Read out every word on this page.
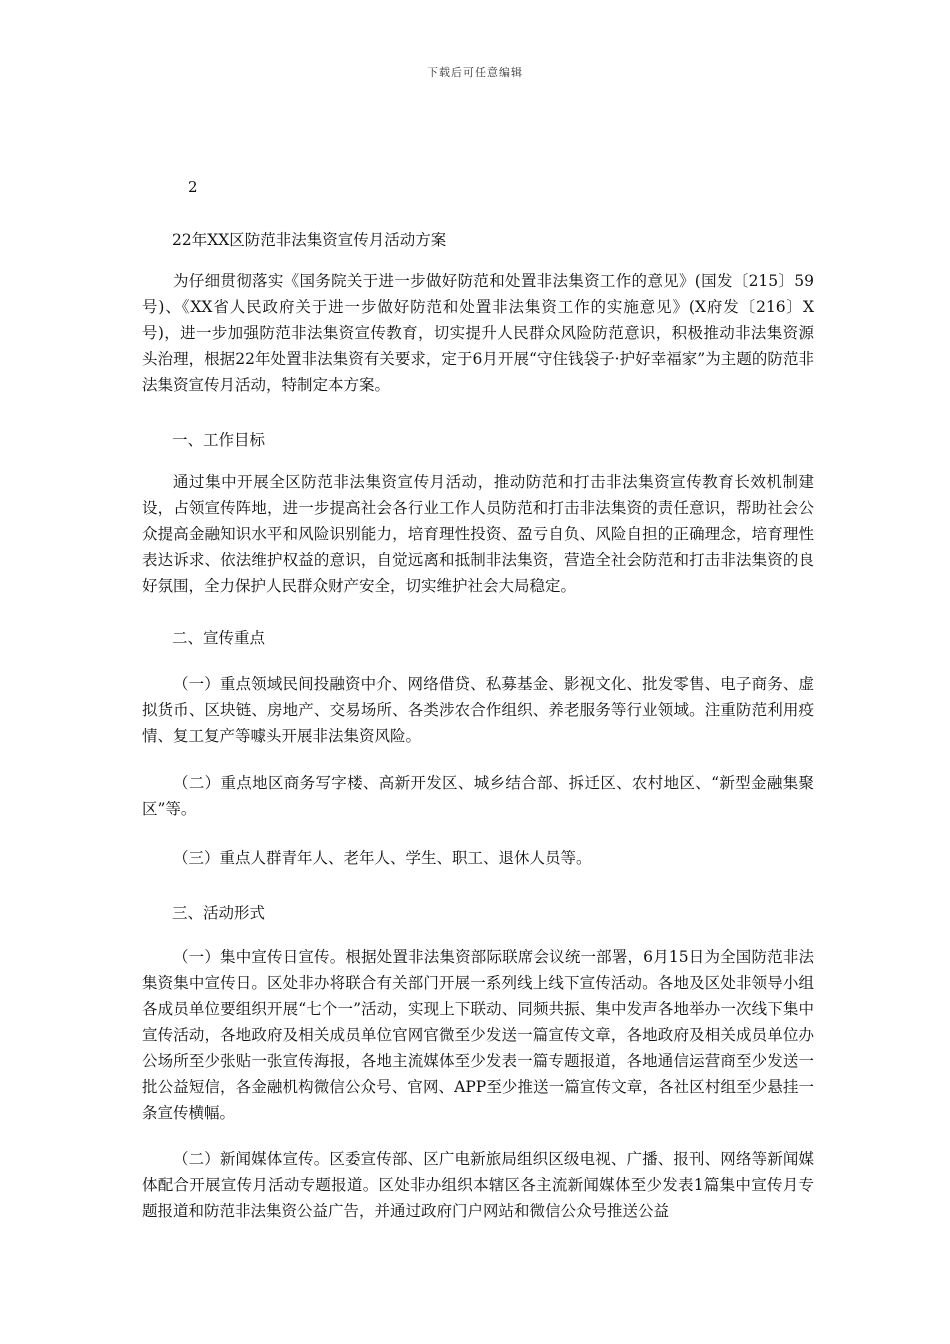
下载后可任意编辑
2
22年XX区防范非法集资宣传月活动方案

为仔细贯彻落实《国务院关于进一步做好防范和处置非法集资工作的意见》(国发〔215〕59号)、《XX省人民政府关于进一步做好防范和处置非法集资工作的实施意见》(X府发〔216〕X号)，进一步加强防范非法集资宣传教育，切实提升人民群众风险防范意识，积极推动非法集资源头治理，根据22年处置非法集资有关要求，定于6月开展“守住钱袋子·护好幸福家”为主题的防范非法集资宣传月活动，特制定本方案。

一、工作目标

通过集中开展全区防范非法集资宣传月活动，推动防范和打击非法集资宣传教育长效机制建设，占领宣传阵地，进一步提高社会各行业工作人员防范和打击非法集资的责任意识，帮助社会公众提高金融知识水平和风险识别能力，培育理性投资、盈亏自负、风险自担的正确理念，培育理性表达诉求、依法维护权益的意识，自觉远离和抵制非法集资，营造全社会防范和打击非法集资的良好氛围，全力保护人民群众财产安全，切实维护社会大局稳定。

二、宣传重点

（一）重点领域民间投融资中介、网络借贷、私募基金、影视文化、批发零售、电子商务、虚拟货币、区块链、房地产、交易场所、各类涉农合作组织、养老服务等行业领域。注重防范利用疫情、复工复产等噱头开展非法集资风险。

（二）重点地区商务写字楼、高新开发区、城乡结合部、拆迁区、农村地区、“新型金融集聚区”等。

（三）重点人群青年人、老年人、学生、职工、退休人员等。

三、活动形式

（一）集中宣传日宣传。根据处置非法集资部际联席会议统一部署，6月15日为全国防范非法集资集中宣传日。区处非办将联合有关部门开展一系列线上线下宣传活动。各地及区处非领导小组各成员单位要组织开展“七个一”活动，实现上下联动、同频共振、集中发声各地举办一次线下集中宣传活动，各地政府及相关成员单位官网官微至少发送一篇宣传文章，各地政府及相关成员单位办公场所至少张贴一张宣传海报，各地主流媒体至少发表一篇专题报道，各地通信运营商至少发送一批公益短信，各金融机构微信公众号、官网、APP至少推送一篇宣传文章，各社区村组至少悬挂一条宣传横幅。

（二）新闻媒体宣传。区委宣传部、区广电新旅局组织区级电视、广播、报刊、网络等新闻媒体配合开展宣传月活动专题报道。区处非办组织本辖区各主流新闻媒体至少发表1篇集中宣传月专题报道和防范非法集资公益广告，并通过政府门户网站和微信公众号推送公益
